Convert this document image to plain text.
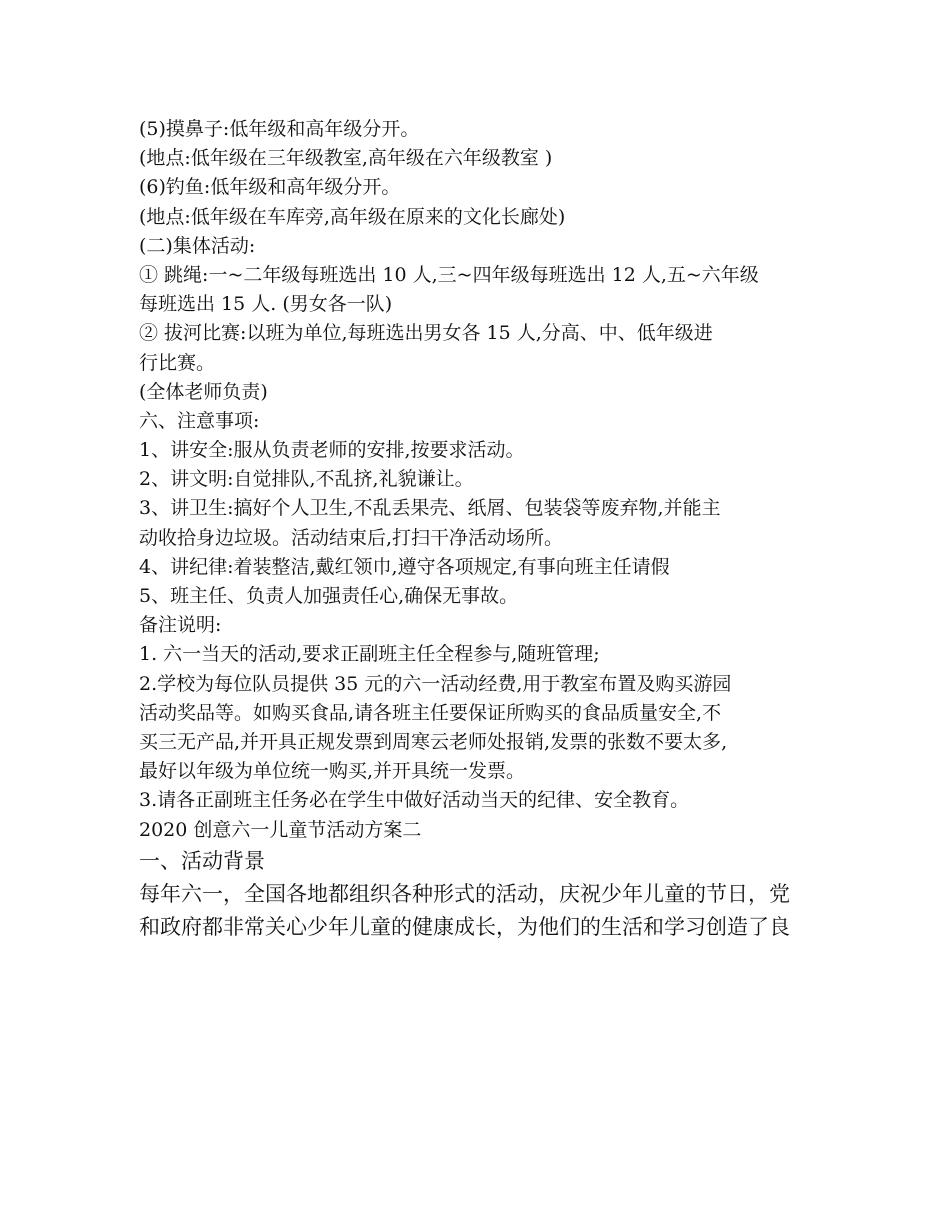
(5)摸鼻子:低年级和高年级分开。
(地点:低年级在三年级教室,高年级在六年级教室 )
(6)钓鱼:低年级和高年级分开。
(地点:低年级在车库旁,高年级在原来的文化长廊处)
(二)集体活动:
① 跳绳:一~二年级每班选出 10 人,三~四年级每班选出 12 人,五~六年级
每班选出 15 人. (男女各一队)
② 拔河比赛:以班为单位,每班选出男女各 15 人,分高、中、低年级进
行比赛。
(全体老师负责)
六、注意事项:
1、讲安全:服从负责老师的安排,按要求活动。
2、讲文明:自觉排队,不乱挤,礼貌谦让。
3、讲卫生:搞好个人卫生,不乱丢果壳、纸屑、包装袋等废弃物,并能主
动收拾身边垃圾。活动结束后,打扫干净活动场所。
4、讲纪律:着装整洁,戴红领巾,遵守各项规定,有事向班主任请假
5、班主任、负责人加强责任心,确保无事故。
备注说明:
1. 六一当天的活动,要求正副班主任全程参与,随班管理;
2.学校为每位队员提供 35 元的六一活动经费,用于教室布置及购买游园
活动奖品等。如购买食品,请各班主任要保证所购买的食品质量安全,不
买三无产品,并开具正规发票到周寒云老师处报销,发票的张数不要太多,
最好以年级为单位统一购买,并开具统一发票。
3.请各正副班主任务必在学生中做好活动当天的纪律、安全教育。
2020 创意六一儿童节活动方案二
一、活动背景
每年六一，全国各地都组织各种形式的活动，庆祝少年儿童的节日，党
和政府都非常关心少年儿童的健康成长，为他们的生活和学习创造了良
